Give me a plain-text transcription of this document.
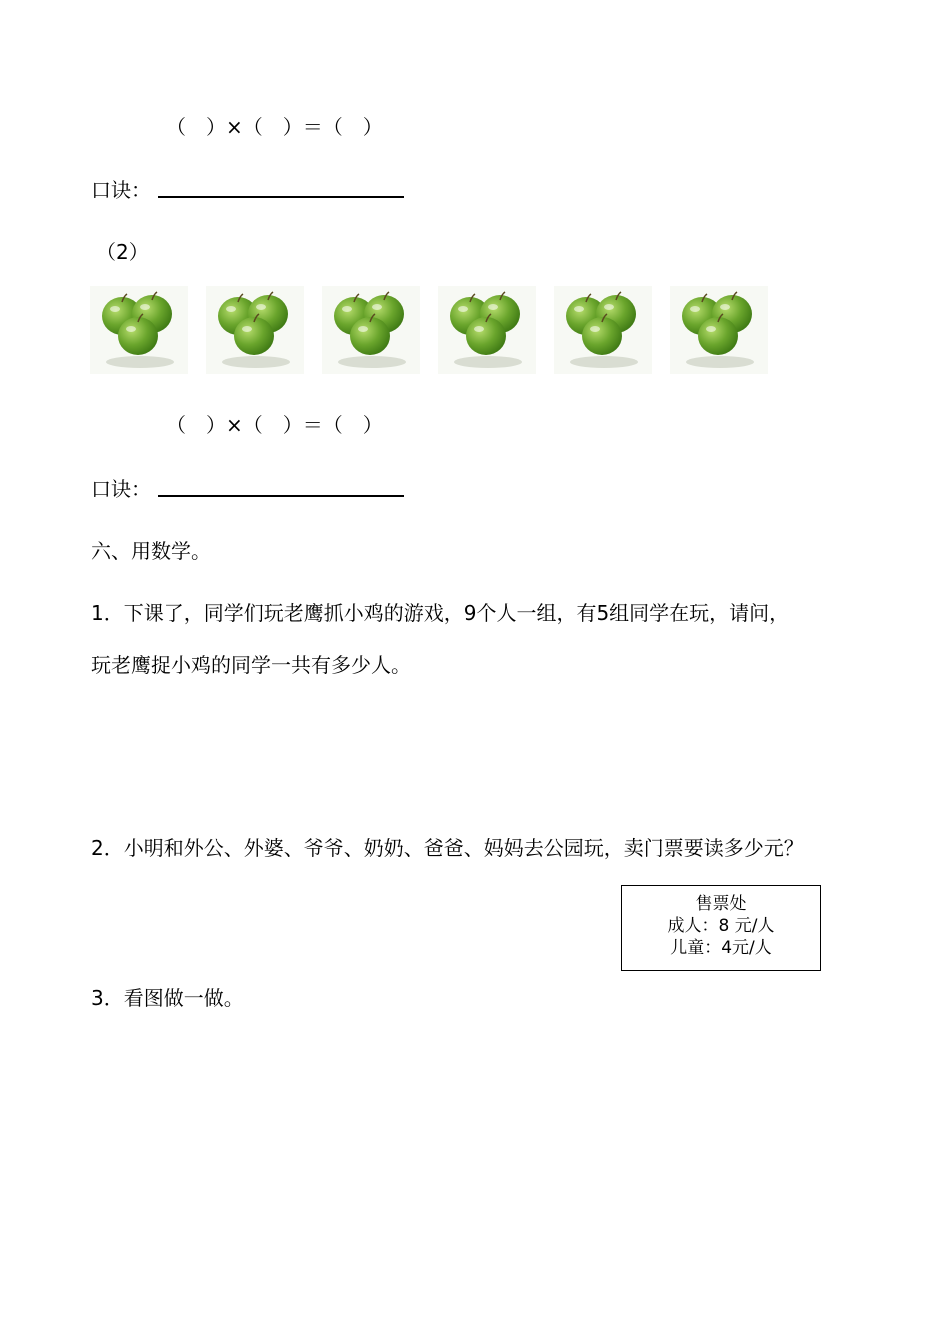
（　）×（　）＝（　）
口诀：
（2）
（　）×（　）＝（　）
口诀：
六、用数学。
1．下课了，同学们玩老鹰抓小鸡的游戏，9个人一组，有5组同学在玩，请问，
玩老鹰捉小鸡的同学一共有多少人。
2．小明和外公、外婆、爷爷、奶奶、爸爸、妈妈去公园玩，卖门票要读多少元？
售票处
成人：8 元/人
儿童：4元/人
3．看图做一做。
